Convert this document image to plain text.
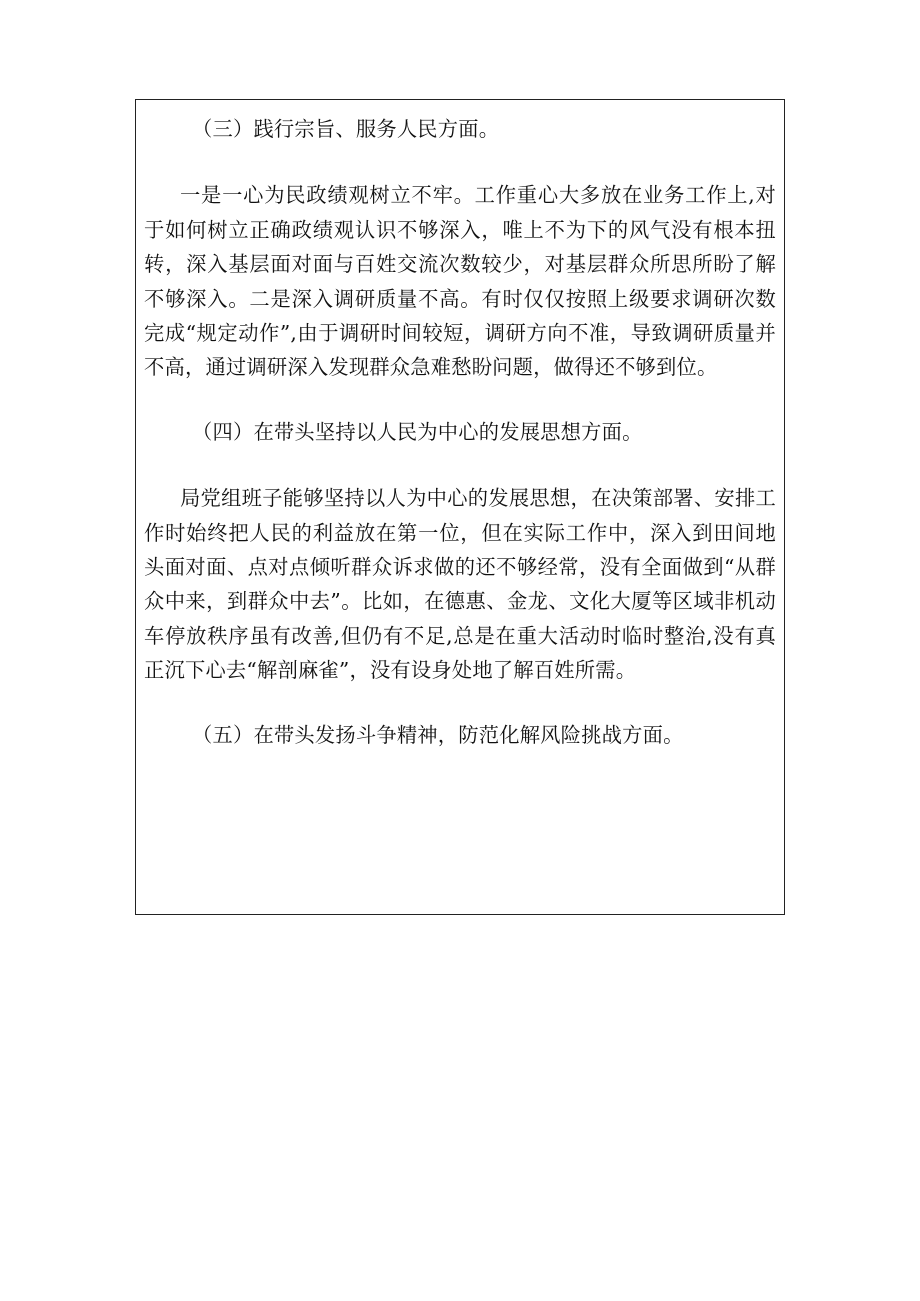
（三）践行宗旨、服务人民方面。

一是一心为民政绩观树立不牢。工作重心大多放在业务工作上,对于如何树立正确政绩观认识不够深入，唯上不为下的风气没有根本扭转，深入基层面对面与百姓交流次数较少，对基层群众所思所盼了解不够深入。二是深入调研质量不高。有时仅仅按照上级要求调研次数完成“规定动作”,由于调研时间较短，调研方向不准，导致调研质量并不高，通过调研深入发现群众急难愁盼问题，做得还不够到位。

（四）在带头坚持以人民为中心的发展思想方面。

局党组班子能够坚持以人为中心的发展思想，在决策部署、安排工作时始终把人民的利益放在第一位，但在实际工作中，深入到田间地头面对面、点对点倾听群众诉求做的还不够经常，没有全面做到“从群众中来，到群众中去”。比如，在德惠、金龙、文化大厦等区域非机动车停放秩序虽有改善,但仍有不足,总是在重大活动时临时整治,没有真正沉下心去“解剖麻雀”，没有设身处地了解百姓所需。

（五）在带头发扬斗争精神，防范化解风险挑战方面。
